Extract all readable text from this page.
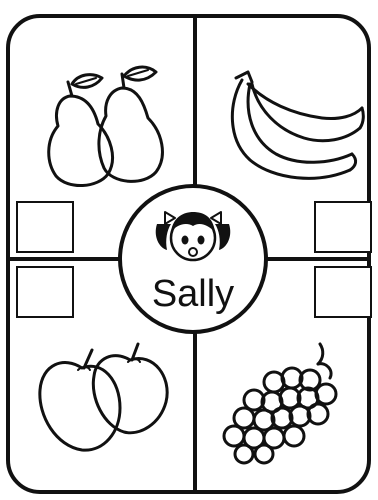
Sally
